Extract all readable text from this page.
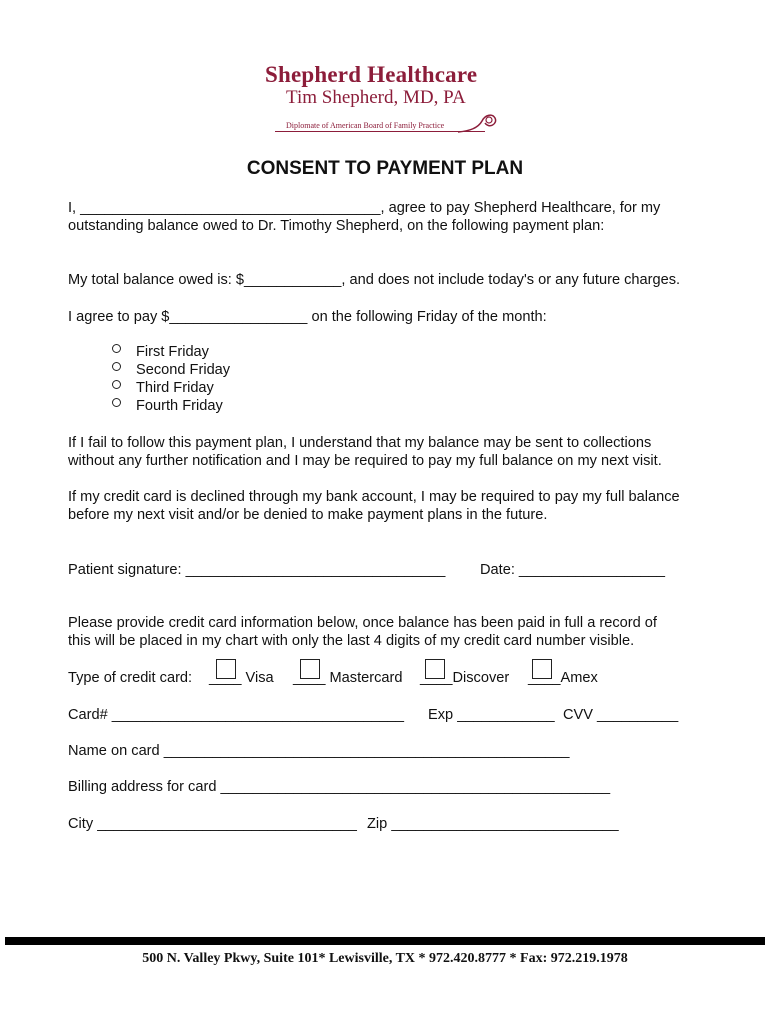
Shepherd Healthcare
Tim Shepherd, MD, PA
Diplomate of American Board of Family Practice
CONSENT TO PAYMENT PLAN
I, _____________________________________, agree to pay Shepherd Healthcare, for my
outstanding balance owed to Dr. Timothy Shepherd, on the following payment plan:
My total balance owed is: $____________, and does not include today's or any future charges.
I agree to pay $_________________ on the following Friday of the month:
First Friday
Second Friday
Third Friday
Fourth Friday
If I fail to follow this payment plan, I understand that my balance may be sent to collections
without any further notification and I may be required to pay my full balance on my next visit.
If my credit card is declined through my bank account, I may be required to pay my full balance
before my next visit and/or be denied to make payment plans in the future.
Patient signature: ________________________________ Date: __________________
Please provide credit card information below, once balance has been paid in full a record of
this will be placed in my chart with only the last 4 digits of my credit card number visible.
Type of credit card: ____ Visa ____ Mastercard ____Discover ____Amex
Card# ____________________________________ Exp ____________ CVV __________
Name on card __________________________________________________
Billing address for card ________________________________________________
City ________________________________ Zip ____________________________
500 N. Valley Pkwy, Suite 101* Lewisville, TX * 972.420.8777 * Fax: 972.219.1978
